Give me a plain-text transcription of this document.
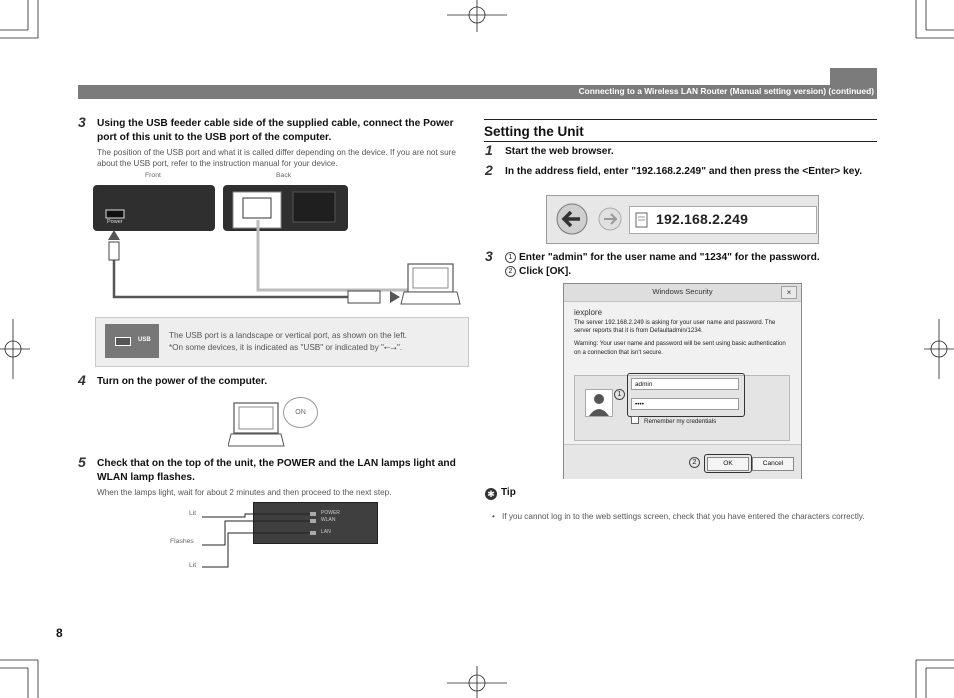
Connecting to a Wireless LAN Router (Manual setting version) (continued)
3 Using the USB feeder cable side of the supplied cable, connect the Power port of this unit to the USB port of the computer.
The position of the USB port and what it is called differ depending on the device. If you are not sure about the USB port, refer to the instruction manual for your device.
Front	Back
Power
USB The USB port is a landscape or vertical port, as shown on the left.
*On some devices, it is indicated as "USB" or indicated by "⭠⭢".
4 Turn on the power of the computer.
ON
5 Check that on the top of the unit, the POWER and the LAN lamps light and WLAN lamp flashes.
When the lamps light, wait for about 2 minutes and then proceed to the next step.
POWER
WLAN
LAN
Lit
Flashes
Lit
Setting the Unit
1 Start the web browser.
2 In the address field, enter "192.168.2.249" and then press the <Enter> key.
192.168.2.249
3	1 Enter "admin" for the user name and "1234" for the password.
2 Click [OK].
Windows Security	×
iexplore
The server 192.168.2.249 is asking for your user name and password. The server reports that it is from Defaultadmin/1234.
Warning: Your user name and password will be sent using basic authentication on a connection that isn't secure.
1
admin
••••
Remember my credentials
2	OK	Cancel
✱ Tip
• If you cannot log in to the web settings screen, check that you have entered the characters correctly.
8
